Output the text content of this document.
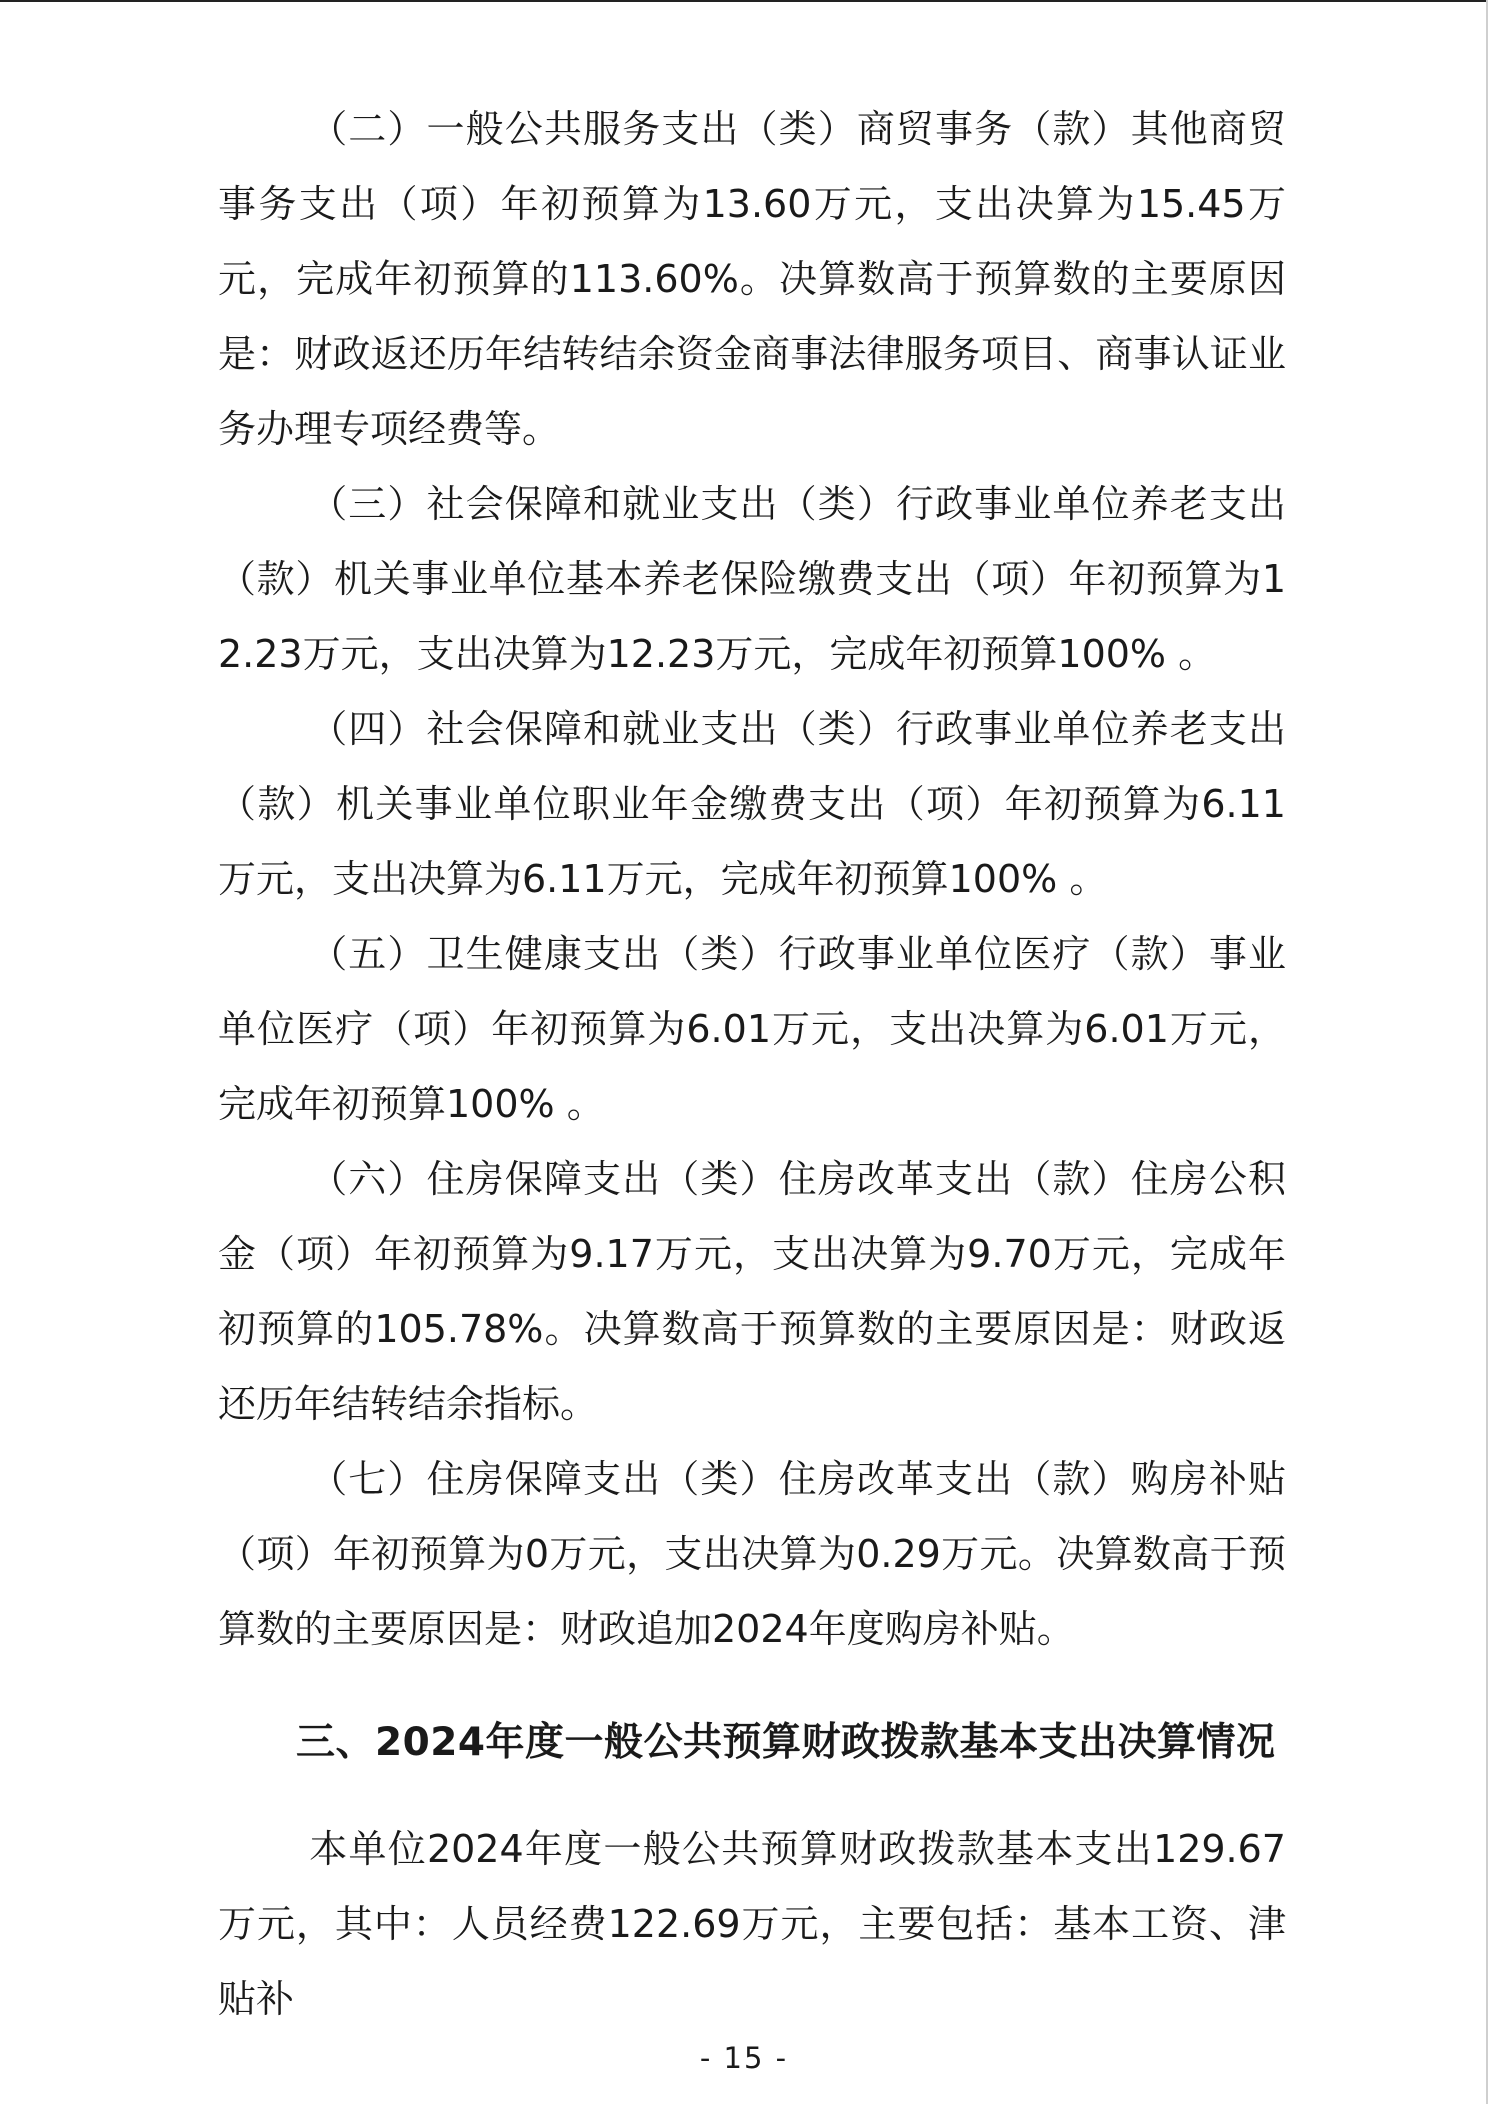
（二）一般公共服务支出（类）商贸事务（款）其他商贸事务支出（项）年初预算为13.60万元，支出决算为15.45万元，完成年初预算的113.60%。决算数高于预算数的主要原因是：财政返还历年结转结余资金商事法律服务项目、商事认证业务办理专项经费等。

（三）社会保障和就业支出（类）行政事业单位养老支出（款）机关事业单位基本养老保险缴费支出（项）年初预算为12.23万元，支出决算为12.23万元，完成年初预算100% 。

（四）社会保障和就业支出（类）行政事业单位养老支出（款）机关事业单位职业年金缴费支出（项）年初预算为6.11万元，支出决算为6.11万元，完成年初预算100% 。

（五）卫生健康支出（类）行政事业单位医疗（款）事业单位医疗（项）年初预算为6.01万元，支出决算为6.01万元，完成年初预算100% 。

（六）住房保障支出（类）住房改革支出（款）住房公积金（项）年初预算为9.17万元，支出决算为9.70万元，完成年初预算的105.78%。决算数高于预算数的主要原因是：财政返还历年结转结余指标。

（七）住房保障支出（类）住房改革支出（款）购房补贴（项）年初预算为0万元，支出决算为0.29万元。决算数高于预算数的主要原因是：财政追加2024年度购房补贴。

三、2024年度一般公共预算财政拨款基本支出决算情况

本单位2024年度一般公共预算财政拨款基本支出129.67万元，其中：人员经费122.69万元，主要包括：基本工资、津贴补

- 15 -
